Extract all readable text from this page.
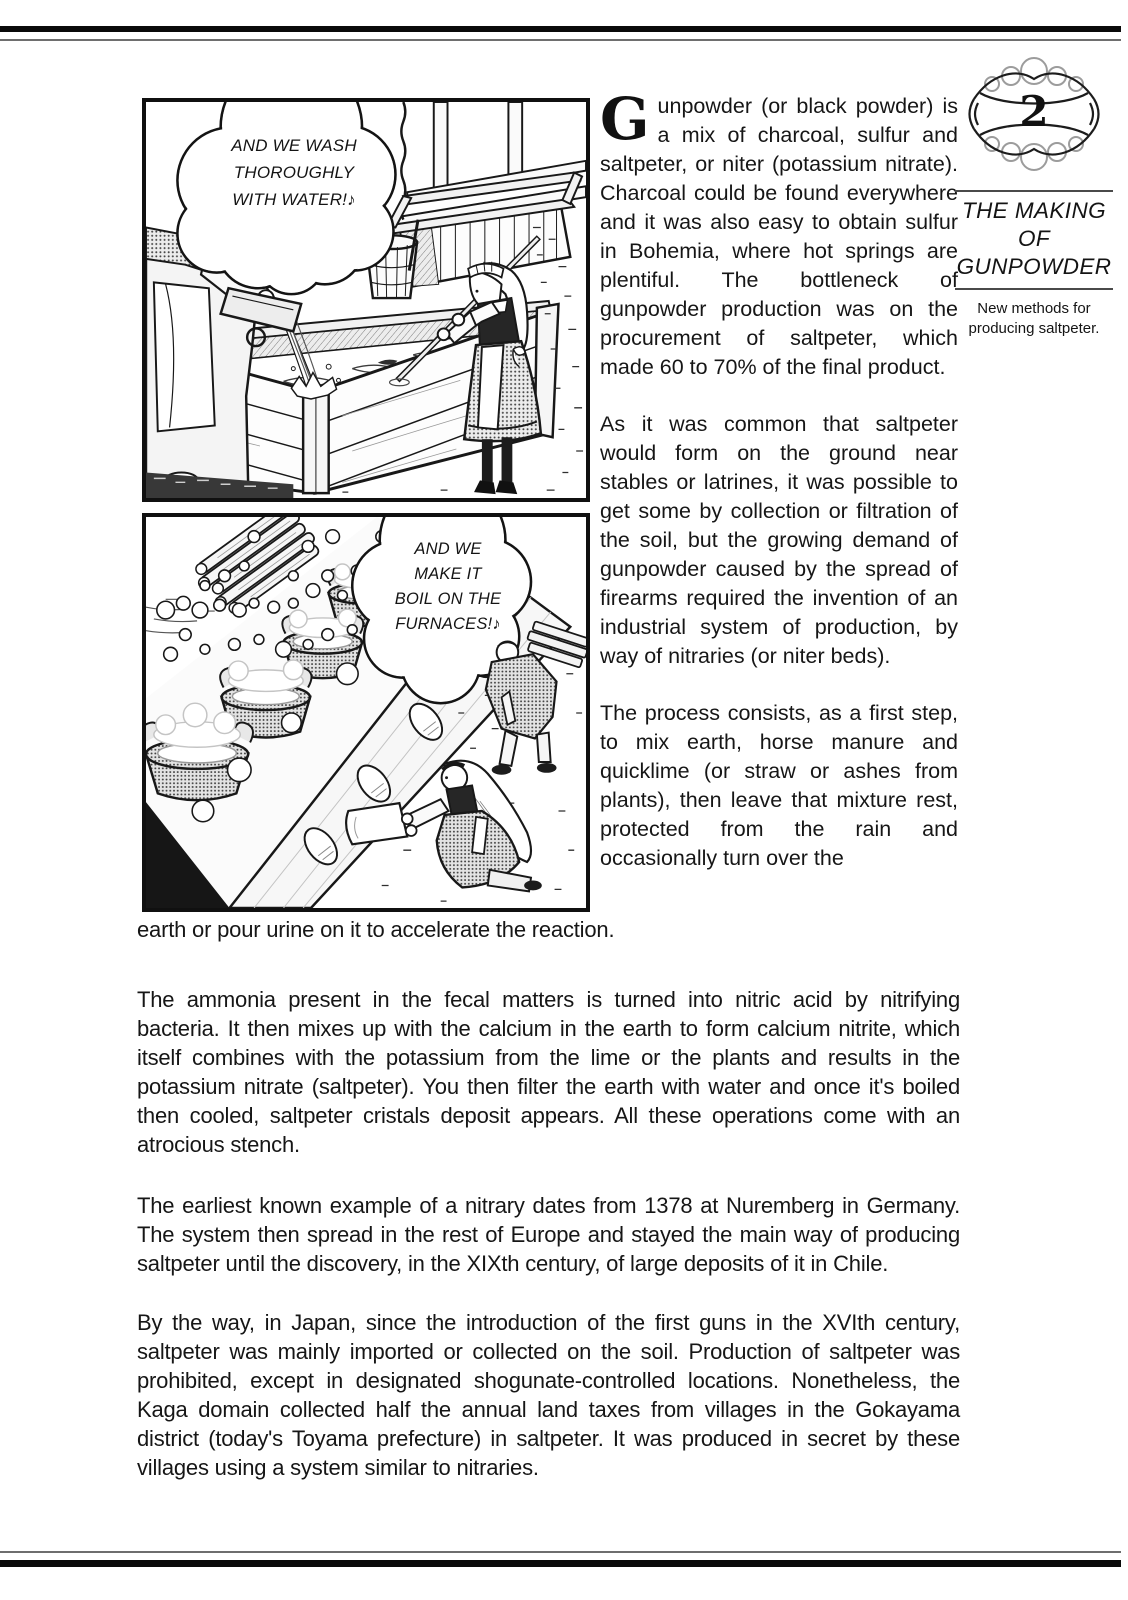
AND WE WASH
THOROUGHLY
WITH WATER!♪
AND WE
MAKE IT
BOIL ON THE
FURNACES!♪

Gunpowder (or black powder) is a mix of charcoal, sulfur and saltpeter, or niter (potassium nitrate). Charcoal could be found everywhere and it was also easy to obtain sulfur in Bohemia, where hot springs are plentiful. The bottleneck of gunpowder production was on the procurement of saltpeter, which made 60 to 70% of the final product.

As it was common that saltpeter would form on the ground near stables or latrines, it was possible to get some by collection or filtration of the soil, but the growing demand of gunpowder caused by the spread of firearms required the invention of an industrial system of production, by way of nitraries (or niter beds).

The process consists, as a first step, to mix earth, horse manure and quicklime (or straw or ashes from plants), then leave that mixture rest, protected from the rain and occasionally turn over the

earth or pour urine on it to accelerate the reaction.

The ammonia present in the fecal matters is turned into nitric acid by nitrifying bacteria. It then mixes up with the calcium in the earth to form calcium nitrite, which itself combines with the potassium from the lime or the plants and results in the potassium nitrate (saltpeter). You then filter the earth with water and once it's boiled then cooled, saltpeter cristals deposit appears. All these operations come with an atrocious stench.

The earliest known example of a nitrary dates from 1378 at Nuremberg in Germany. The system then spread in the rest of Europe and stayed the main way of producing saltpeter until the discovery, in the XIXth century, of large deposits of it in Chile.

By the way, in Japan, since the introduction of the first guns in the XVIth century, saltpeter was mainly imported or collected on the soil. Production of saltpeter was prohibited, except in designated shogunate-controlled locations. Nonetheless, the Kaga domain collected half the annual land taxes from villages in the Gokayama district (today's Toyama prefecture) in saltpeter. It was produced in secret by these villages using a system similar to nitraries.

2
THE MAKING
OF
GUNPOWDER
New methods for producing saltpeter.
